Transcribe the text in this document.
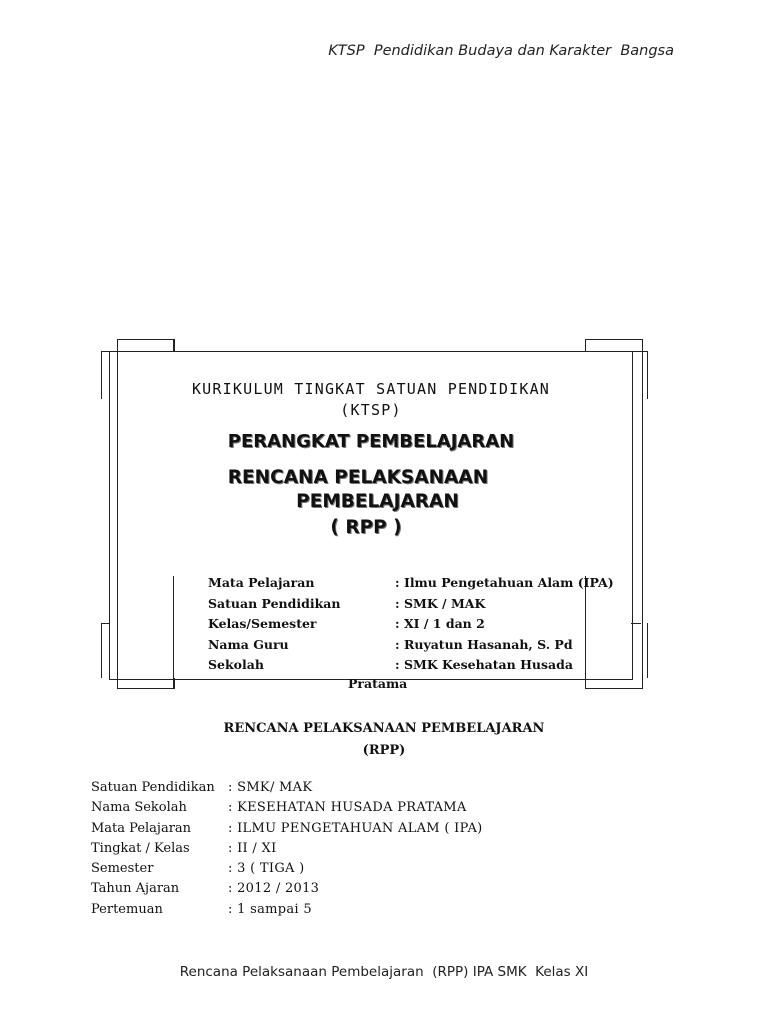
KTSP  Pendidikan Budaya dan Karakter  Bangsa
KURIKULUM TINGKAT SATUAN PENDIDIKAN
(KTSP)
PERANGKAT PEMBELAJARAN
RENCANA PELAKSANAAN
PEMBELAJARAN
( RPP )
Mata Pelajaran	: Ilmu Pengetahuan Alam (IPA)
Satuan Pendidikan	: SMK / MAK
Kelas/Semester	: XI / 1 dan 2
Nama Guru	: Ruyatun Hasanah, S. Pd
Sekolah	: SMK Kesehatan Husada
Pratama
RENCANA PELAKSANAAN PEMBELAJARAN
(RPP)
Satuan Pendidikan : SMK/ MAK
Nama Sekolah	: KESEHATAN HUSADA PRATAMA
Mata Pelajaran	: ILMU PENGETAHUAN ALAM ( IPA)
Tingkat / Kelas	: II / XI
Semester	: 3 ( TIGA )
Tahun Ajaran	: 2012 / 2013
Pertemuan	: 1 sampai 5
Rencana Pelaksanaan Pembelajaran  (RPP) IPA SMK  Kelas XI
